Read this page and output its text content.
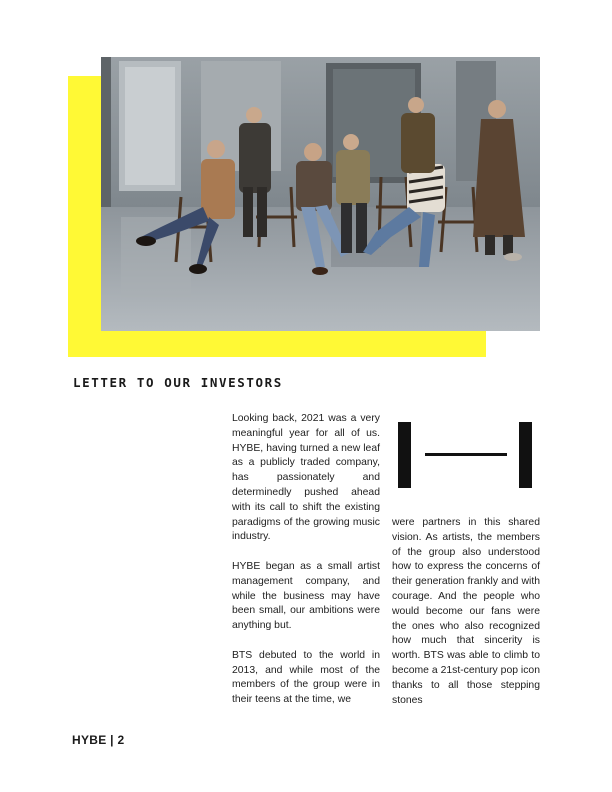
LETTER TO OUR INVESTORS

Looking back, 2021 was a very meaningful year for all of us. HYBE, having turned a new leaf as a publicly traded company, has passionately and determinedly pushed ahead with its call to shift the existing paradigms of the growing music industry.

HYBE began as a small artist management company, and while the business may have been small, our ambitions were anything but.

BTS debuted to the world in 2013, and while most of the members of the group were in their teens at the time, we

were partners in this shared vision. As artists, the members of the group also understood how to express the concerns of their generation frankly and with courage. And the people who would become our fans were the ones who also recognized how much that sincerity is worth. BTS was able to climb to become a 21st-century pop icon thanks to all those stepping stones

HYBE | 2
